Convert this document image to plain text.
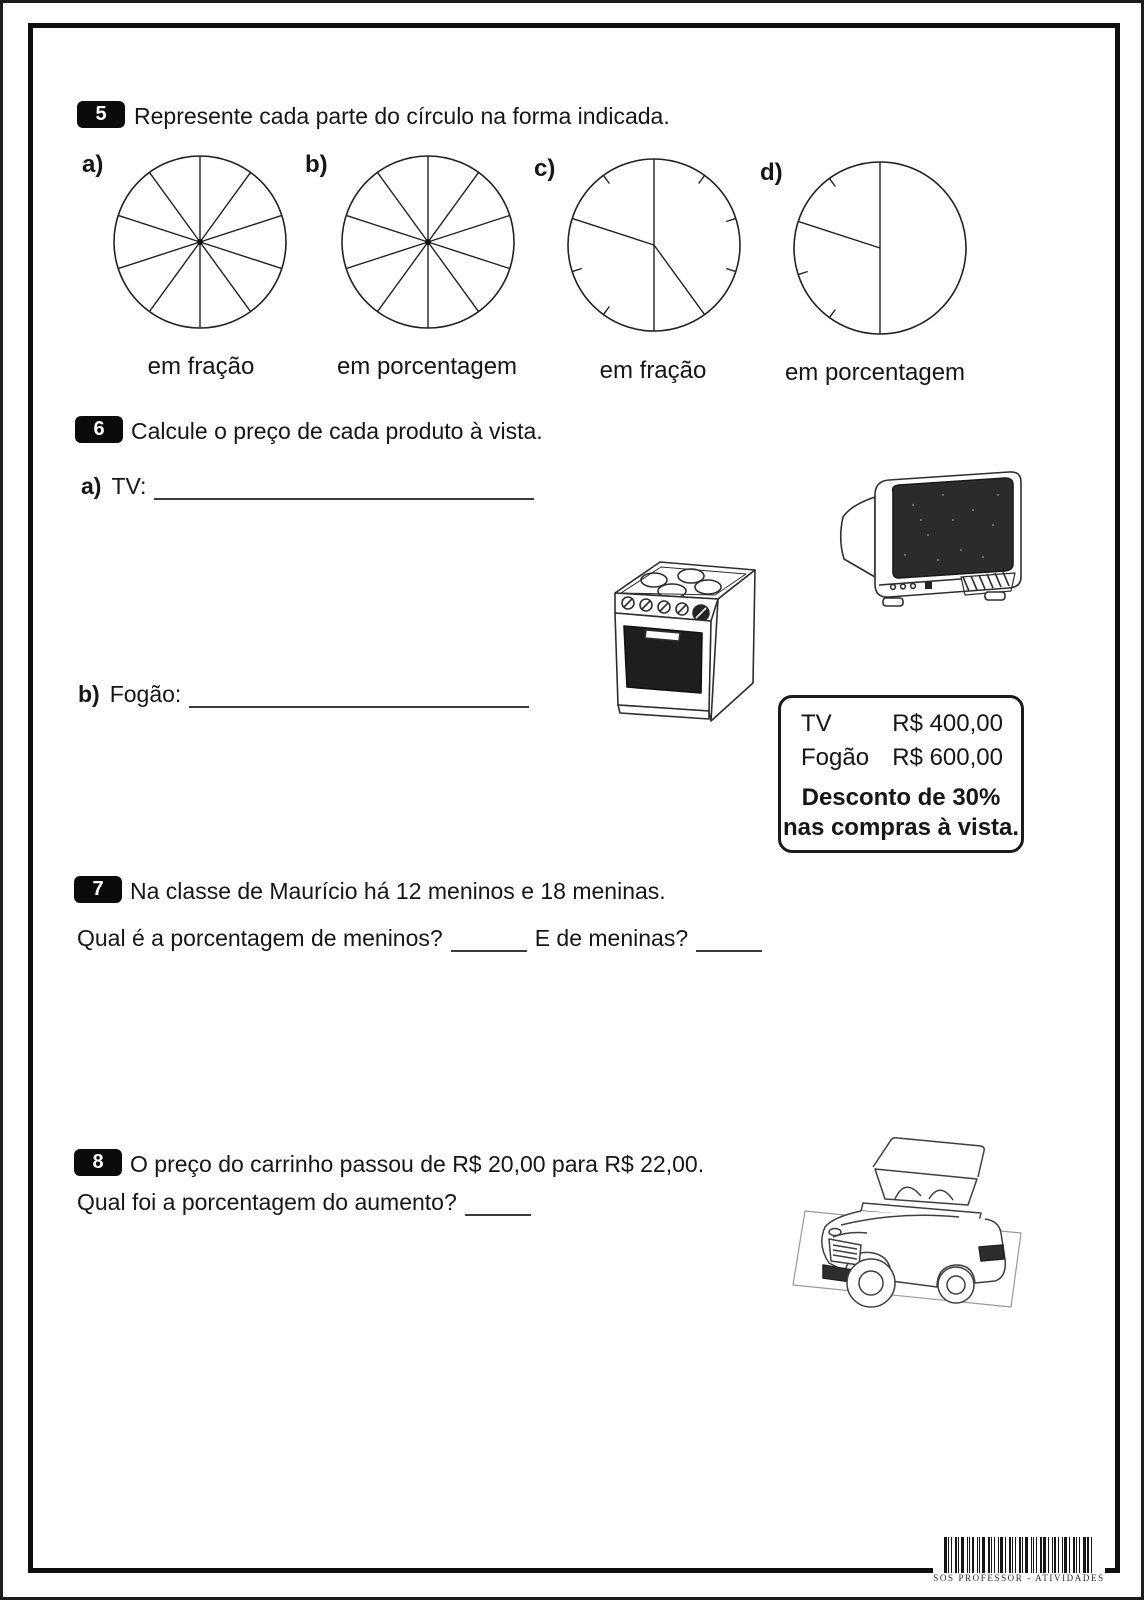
5 Represente cada parte do círculo na forma indicada.
a)	b)	c)	d)
em fração	em porcentagem	em fração	em porcentagem
6 Calcule o preço de cada produto à vista.
a) TV:
b) Fogão:
TV	R$ 400,00
Fogão R$ 600,00
Desconto de 30%
nas compras à vista.
7 Na classe de Maurício há 12 meninos e 18 meninas.
Qual é a porcentagem de meninos?	E de meninas?
8 O preço do carrinho passou de R$ 20,00 para R$ 22,00.
Qual foi a porcentagem do aumento?
SOS PROFESSOR - ATIVIDADES
